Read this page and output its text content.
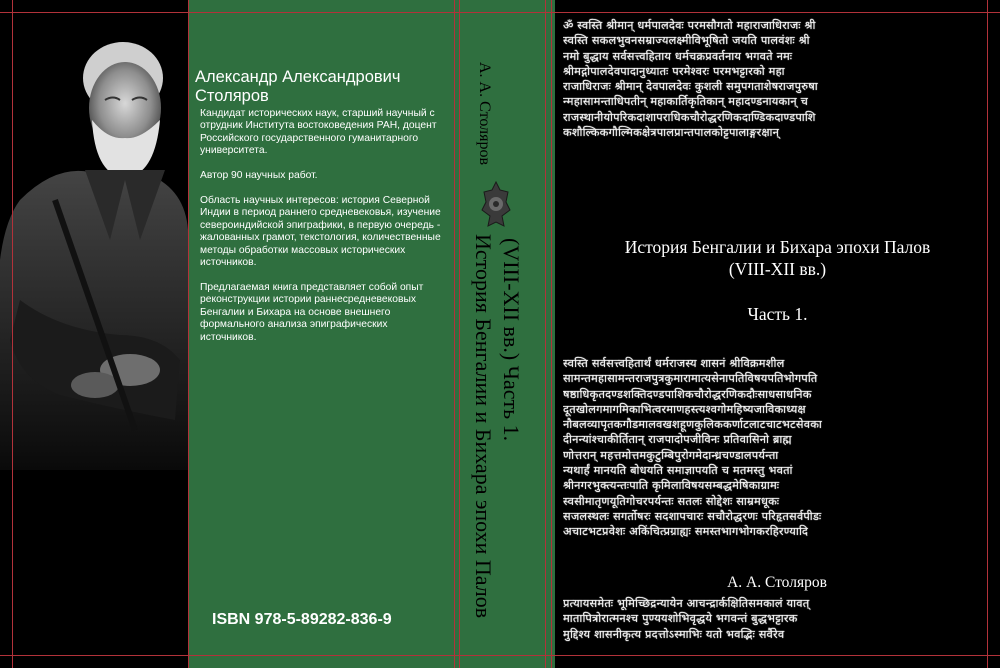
Александр Александрович Столяров
Кандидат исторических наук, старший научный с отрудник Института востоковедения РАН, доцент Российского государственного гуманитарного университета.
Автор 90 научных работ.
Область научных интересов: история Северной Индии в период раннего средневековья, изучение североиндийской эпиграфики, в первую очередь - жалованных грамот, текстология, количественные методы обработки массовых исторических источников.
Предлагаемая книга представляет собой опыт реконструкции истории раннесредневековых Бенгалии и Бихара на основе внешнего формального анализа эпиграфических источников.
ISBN 978-5-89282-836-9
А. А. Столяров
История Бенгалии и Бихара эпохи Палов (VIII-XII вв.) Часть 1.
ॐ स्वस्ति श्रीमान् धर्मपालदेवः परमसौगतो महाराजाधिराजः श्री
स्वस्ति सकलभुवनसम्राज्यलक्ष्मीविभूषितो जयति पालवंशः श्री
नमो बुद्धाय सर्वसत्त्वहिताय धर्मचक्रप्रवर्तनाय भगवते नमः
श्रीमद्गोपालदेवपादानुध्यातः परमेश्वरः परमभट्टारको महा
राजाधिराजः श्रीमान् देवपालदेवः कुशली समुपगताशेषराजपुरुषा
न्महासामन्ताधिपतीन् महाकार्तिकृतिकान् महादण्डनायकान् च
राजस्थानीयोपरिकदाशापराधिकचौरोद्धरणिकदाण्डिकदाण्डपाशि
कशौल्किकगौल्मिकक्षेत्रपालप्रान्तपालकोट्टपालाङ्गरक्षान्
История Бенгалии и Бихара эпохи Палов
(VIII-XII вв.)
Часть 1.
स्वस्ति सर्वसत्त्वहितार्थं धर्मराजस्य शासनं श्रीविक्रमशील
सामन्तमहासामन्तराजपुत्रकुमारामात्यसेनापतिविषयपतिभोगपति
षष्ठाधिकृतदण्डशक्तिदण्डपाशिकचौरोद्धरणिकदौःसाधसाधनिक
दूतखोलगमागमिकाभित्वरमाणहस्त्यश्वगोमहिष्यजाविकाध्यक्ष
नौबलव्यापृतकगौडमालवखशहूणकुलिककर्णाटलाटचाटभटसेवका
दीनन्यांश्चाकीर्तितान् राजपादोपजीविनः प्रतिवासिनो ब्राह्म
णोत्तरान् महत्तमोत्तमकुटुम्बिपुरोगमेदान्ध्रचण्डालपर्यन्ता
न्यथार्हं मानयति बोधयति समाज्ञापयति च मतमस्तु भवतां
श्रीनगरभुक्त्यन्तःपाति कृमिलाविषयसम्बद्धमेषिकाग्रामः
स्वसीमातृणयूतिगोचरपर्यन्तः सतलः सोद्देशः साम्रमधूकः
सजलस्थलः सगर्तोषरः सदशापचारः सचौरोद्धरणः परिहृतसर्वपीडः
अचाटभटप्रवेशः अकिंचित्प्रग्राह्यः समस्तभागभोगकरहिरण्यादि
А. А. Столяров
प्रत्यायसमेतः भूमिच्छिद्रन्यायेन आचन्द्रार्कक्षितिसमकालं यावत्
मातापित्रोरात्मनश्च पुण्ययशोभिवृद्धये भगवन्तं बुद्धभट्टारक
मुद्दिश्य शासनीकृत्य प्रदत्तोऽस्माभिः यतो भवद्भिः सर्वैरेव
